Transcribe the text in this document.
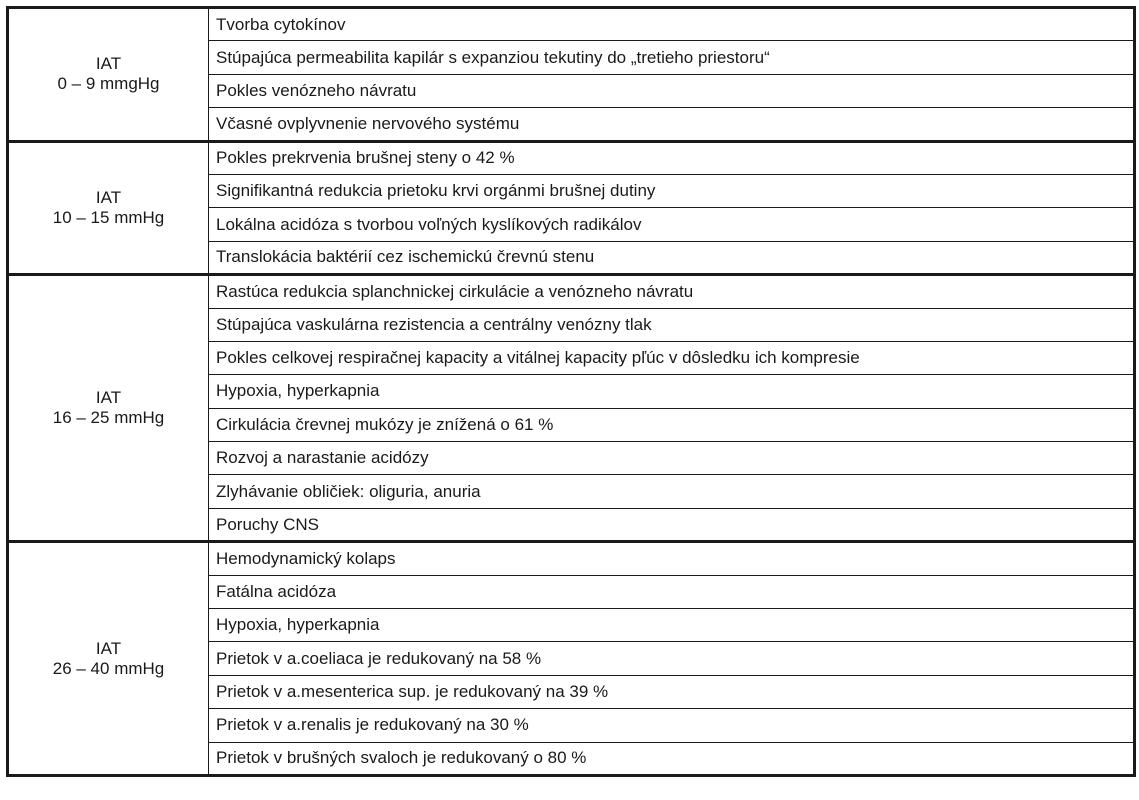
IAT
0 – 9 mmgHg	Tvorba cytokínov
	Stúpajúca permeabilita kapilár s expanziou tekutiny do „tretieho priestoru“
	Pokles venózneho návratu
	Včasné ovplyvnenie nervového systému

IAT
10 – 15 mmHg	Pokles prekrvenia brušnej steny o 42 %
	Signifikantná redukcia prietoku krvi orgánmi brušnej dutiny
	Lokálna acidóza s tvorbou voľných kyslíkových radikálov
	Translokácia baktérií cez ischemickú črevnú stenu

IAT
16 – 25 mmHg	Rastúca redukcia splanchnickej cirkulácie a venózneho návratu
	Stúpajúca vaskulárna rezistencia a centrálny venózny tlak
	Pokles celkovej respiračnej kapacity a vitálnej kapacity pľúc v dôsledku ich kompresie
	Hypoxia, hyperkapnia
	Cirkulácia črevnej mukózy je znížená o 61 %
	Rozvoj a narastanie acidózy
	Zlyhávanie obličiek: oliguria, anuria
	Poruchy CNS

IAT
26 – 40 mmHg	Hemodynamický kolaps
	Fatálna acidóza
	Hypoxia, hyperkapnia
	Prietok v a.coeliaca je redukovaný na 58 %
	Prietok v a.mesenterica sup. je redukovaný na 39 %
	Prietok v a.renalis je redukovaný na 30 %
	Prietok v brušných svaloch je redukovaný o 80 %
